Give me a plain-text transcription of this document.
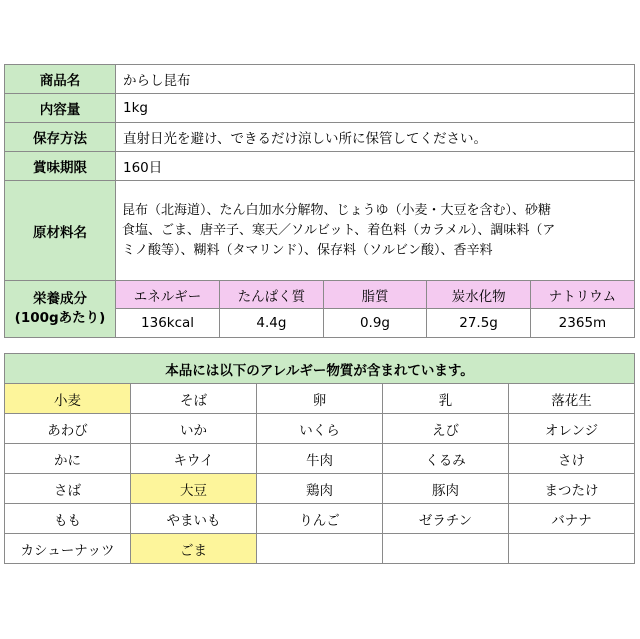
商品名	からし昆布
内容量	1kg
保存方法	直射日光を避け、できるだけ涼しい所に保管してください。
賞味期限	160日
原材料名	
昆布（北海道）、たん白加水分解物、じょうゆ（小麦・大豆を含む）、砂糖
食塩、ごま、唐辛子、寒天／ソルビット、着色料（カラメル）、調味料（ア
ミノ酸等）、糊料（タマリンド）、保存料（ソルビン酸）、香辛料

栄養成分
(100gあたり)

エネルギー	たんぱく質	脂質	炭水化物	ナトリウム
136kcal	4.4g	0.9g	27.5g	2365m
本品には以下のアレルギー物質が含まれています。				
小麦	そば	卵	乳	落花生
あわび	いか	いくら	えび	オレンジ
かに	キウイ	牛肉	くるみ	さけ
さば	大豆	鶏肉	豚肉	まつたけ
もも	やまいも	りんご	ゼラチン	バナナ
カシューナッツ	ごま			
